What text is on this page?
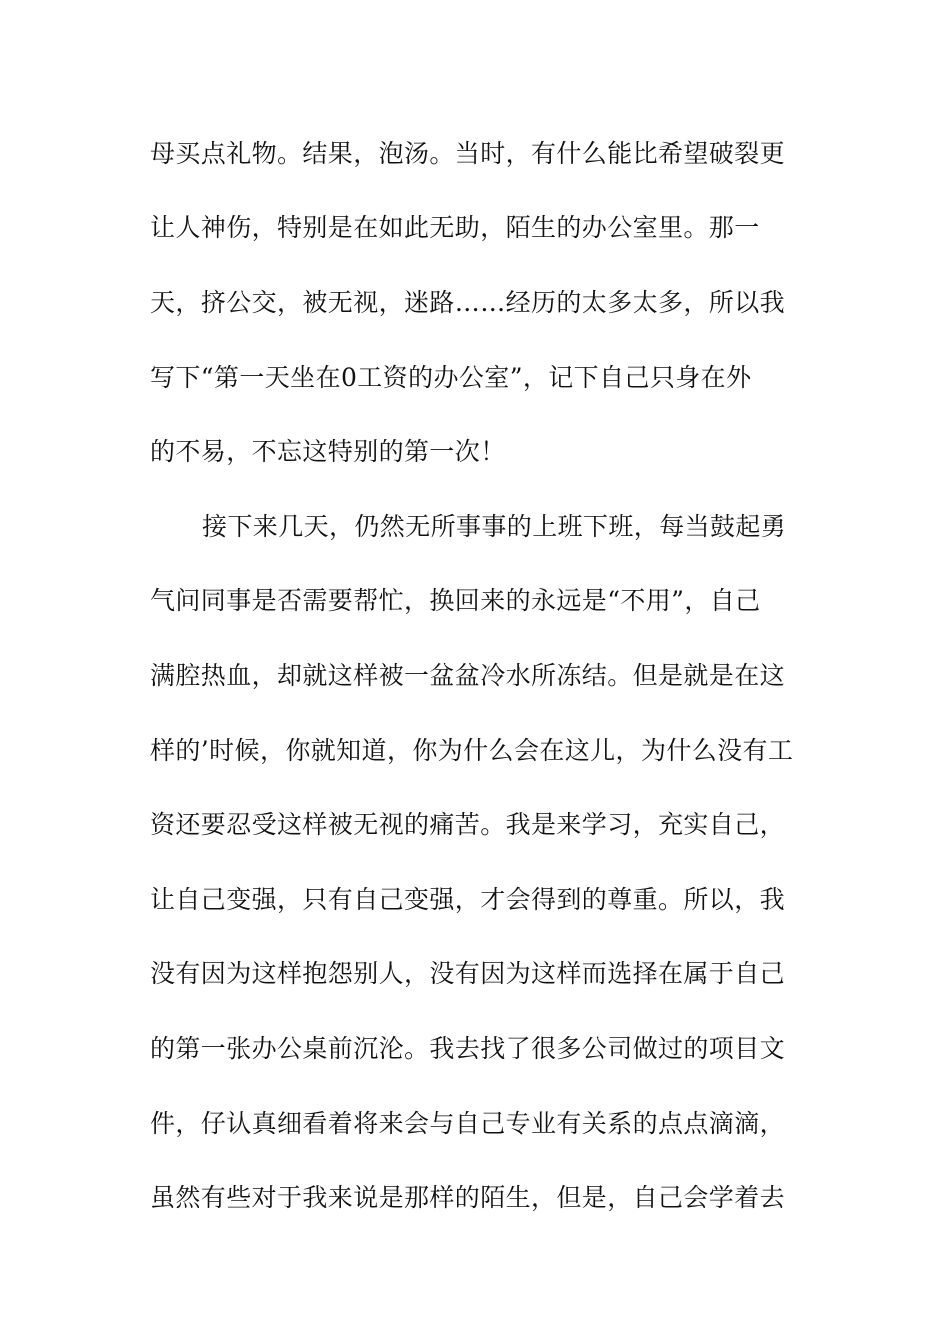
母买点礼物。结果，泡汤。当时，有什么能比希望破裂更
让人神伤，特别是在如此无助，陌生的办公室里。那一
天，挤公交，被无视，迷路……经历的太多太多，所以我
写下“第一天坐在0工资的办公室”，记下自己只身在外
的不易，不忘这特别的第一次！
接下来几天，仍然无所事事的上班下班，每当鼓起勇
气问同事是否需要帮忙，换回来的永远是“不用”，自己
满腔热血，却就这样被一盆盆冷水所冻结。但是就是在这
样的’时候，你就知道，你为什么会在这儿，为什么没有工
资还要忍受这样被无视的痛苦。我是来学习，充实自己，
让自己变强，只有自己变强，才会得到的尊重。所以，我
没有因为这样抱怨别人，没有因为这样而选择在属于自己
的第一张办公桌前沉沦。我去找了很多公司做过的项目文
件，仔认真细看着将来会与自己专业有关系的点点滴滴，
虽然有些对于我来说是那样的陌生，但是，自己会学着去
